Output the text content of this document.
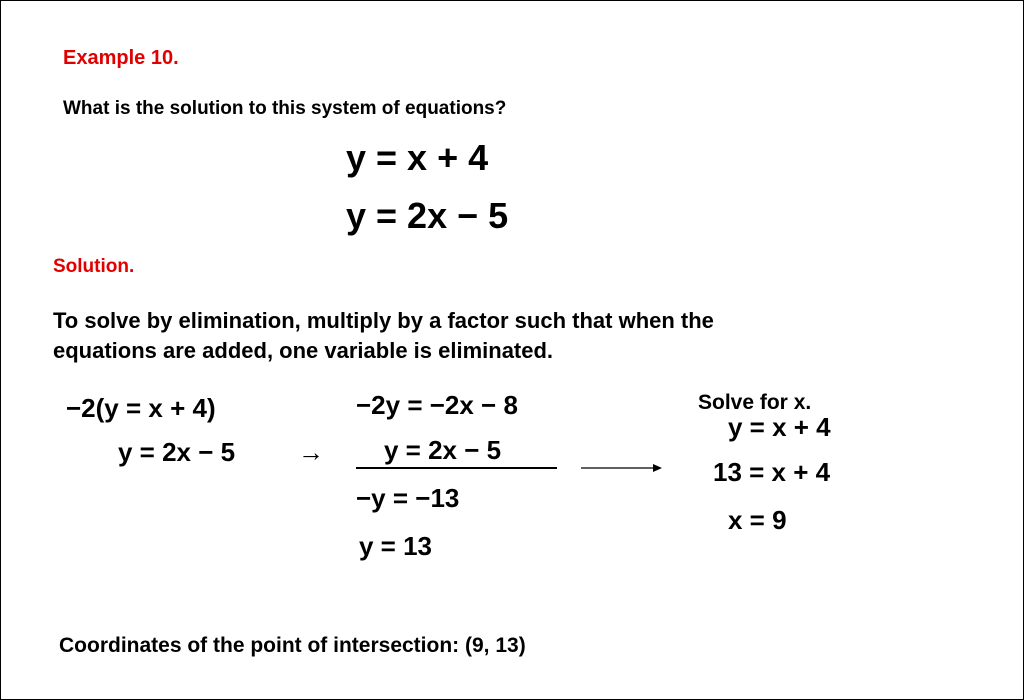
Example 10.
What is the solution to this system of equations?
y = x + 4
y = 2x − 5
Solution.
To solve by elimination, multiply by a factor such that when the
equations are added, one variable is eliminated.
−2(y = x + 4)
y = 2x − 5 →
−2y = −2x − 8
y = 2x − 5
−y = −13
y = 13
Solve for x.
y = x + 4
13 = x + 4
x = 9
Coordinates of the point of intersection: (9, 13)
